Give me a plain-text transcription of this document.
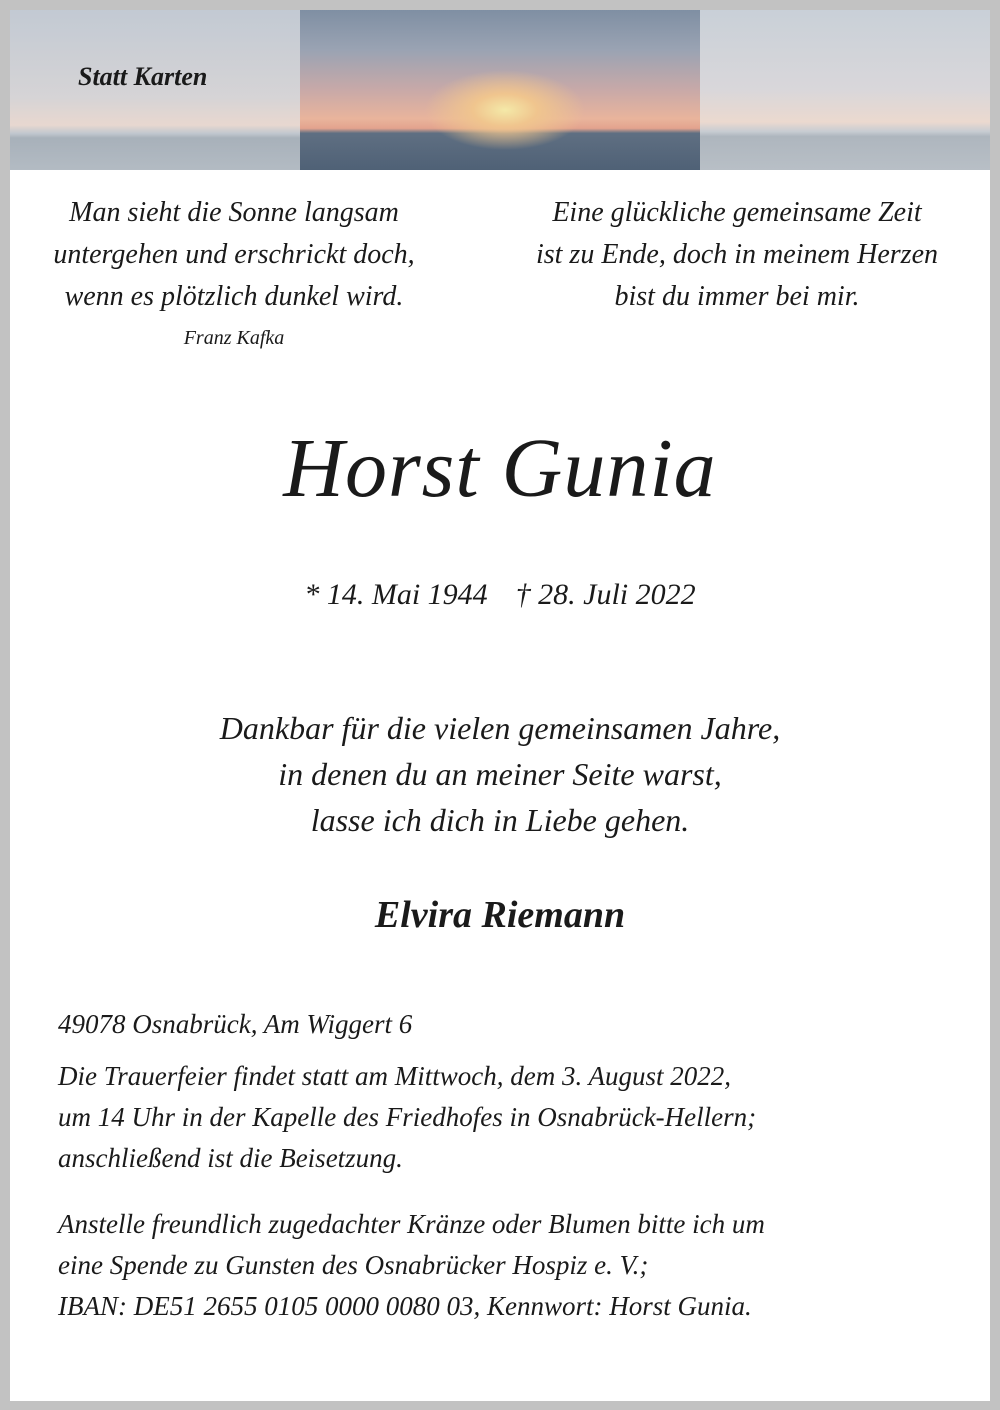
Statt Karten

Man sieht die Sonne langsam

untergehen und erschrickt doch,

wenn es plötzlich dunkel wird.

Franz Kafka

Eine glückliche gemeinsame Zeit

ist zu Ende, doch in meinem Herzen

bist du immer bei mir.

Horst Gunia

* 14. Mai 1944 † 28. Juli 2022

Dankbar für die vielen gemeinsamen Jahre,

in denen du an meiner Seite warst,

lasse ich dich in Liebe gehen.

Elvira Riemann

49078 Osnabrück, Am Wiggert 6

Die Trauerfeier findet statt am Mittwoch, dem 3. August 2022,

um 14 Uhr in der Kapelle des Friedhofes in Osnabrück-Hellern;

anschließend ist die Beisetzung.

Anstelle freundlich zugedachter Kränze oder Blumen bitte ich um

eine Spende zu Gunsten des Osnabrücker Hospiz e. V.;

IBAN: DE51 2655 0105 0000 0080 03, Kennwort: Horst Gunia.
